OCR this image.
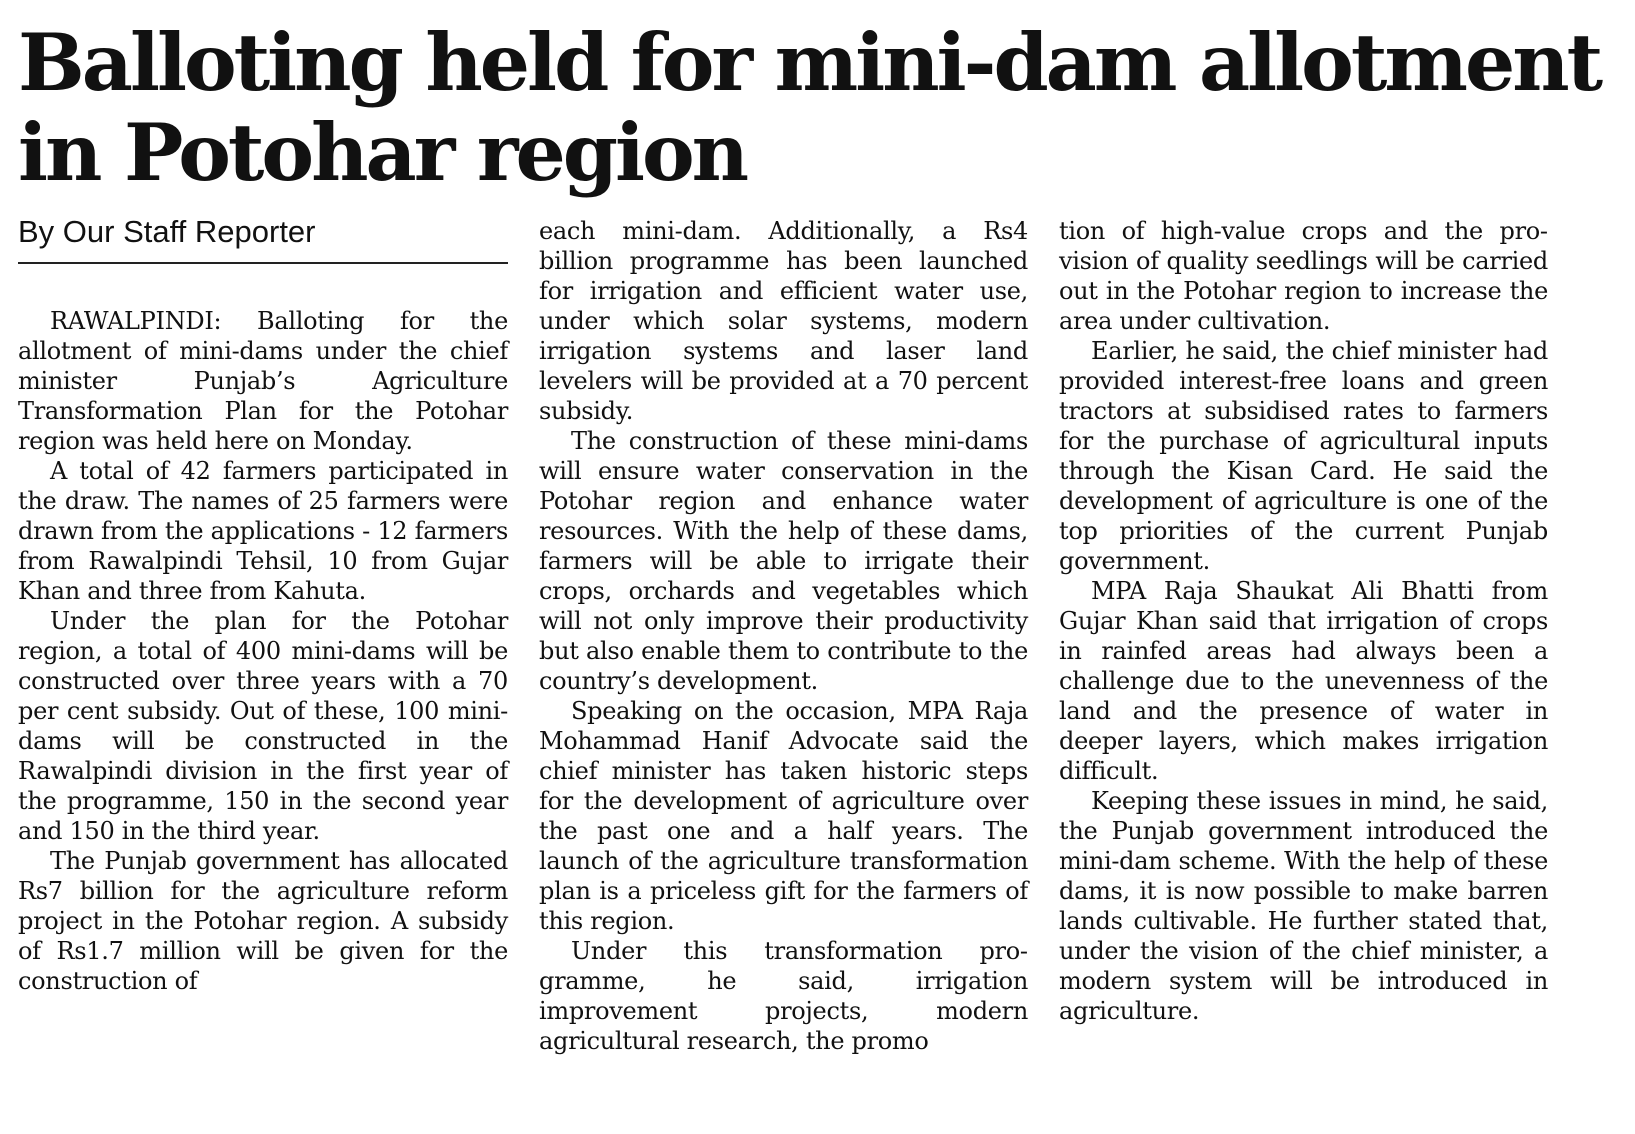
Balloting held for mini-dam allotment
in Potohar region
By Our Staff Reporter

RAWALPINDI: Balloting for the allotment of mini-dams under the chief minister Punjab’s Agriculture Transformation Plan for the Potohar region was held here on Monday.

A total of 42 farmers participated in the draw. The names of 25 farmers were drawn from the applications - 12 farmers from Rawalpindi Tehsil, 10 from Gujar Khan and three from Kahuta.

Under the plan for the Potohar region, a total of 400 mini-dams will be constructed over three years with a 70 per cent subsidy. Out of these, 100 mini-dams will be constructed in the Rawalpindi division in the first year of the programme, 150 in the second year and 150 in the third year.

The Punjab government has allocated Rs7 billion for the agriculture reform project in the Potohar region. A subsidy of Rs1.7 million will be given for the construction of

each mini-dam. Additionally, a Rs4 billion programme has been launched for irrigation and efficient water use, under which solar systems, modern irrigation systems and laser land levelers will be provided at a 70 percent subsidy.

The construction of these mini-dams will ensure water conservation in the Potohar region and enhance water resources. With the help of these dams, farmers will be able to irrigate their crops, orchards and vegetables which will not only improve their productivity but also enable them to contribute to the country’s development.

Speaking on the occasion, MPA Raja Mohammad Hanif Advocate said the chief minister has taken historic steps for the development of agriculture over the past one and a half years. The launch of the agriculture transformation plan is a priceless gift for the farmers of this region.

Under this transformation programme, he said, irrigation improvement projects, modern agricultural research, the promo

tion of high-value crops and the provision of quality seedlings will be carried out in the Potohar region to increase the area under cultivation.

Earlier, he said, the chief minister had provided interest-free loans and green tractors at subsidised rates to farmers for the purchase of agricultural inputs through the Kisan Card. He said the development of agriculture is one of the top priorities of the current Punjab government.

MPA Raja Shaukat Ali Bhatti from Gujar Khan said that irrigation of crops in rainfed areas had always been a challenge due to the unevenness of the land and the presence of water in deeper layers, which makes irrigation difficult.

Keeping these issues in mind, he said, the Punjab government introduced the mini-dam scheme. With the help of these dams, it is now possible to make barren lands cultivable. He further stated that, under the vision of the chief minister, a modern system will be introduced in agriculture.
